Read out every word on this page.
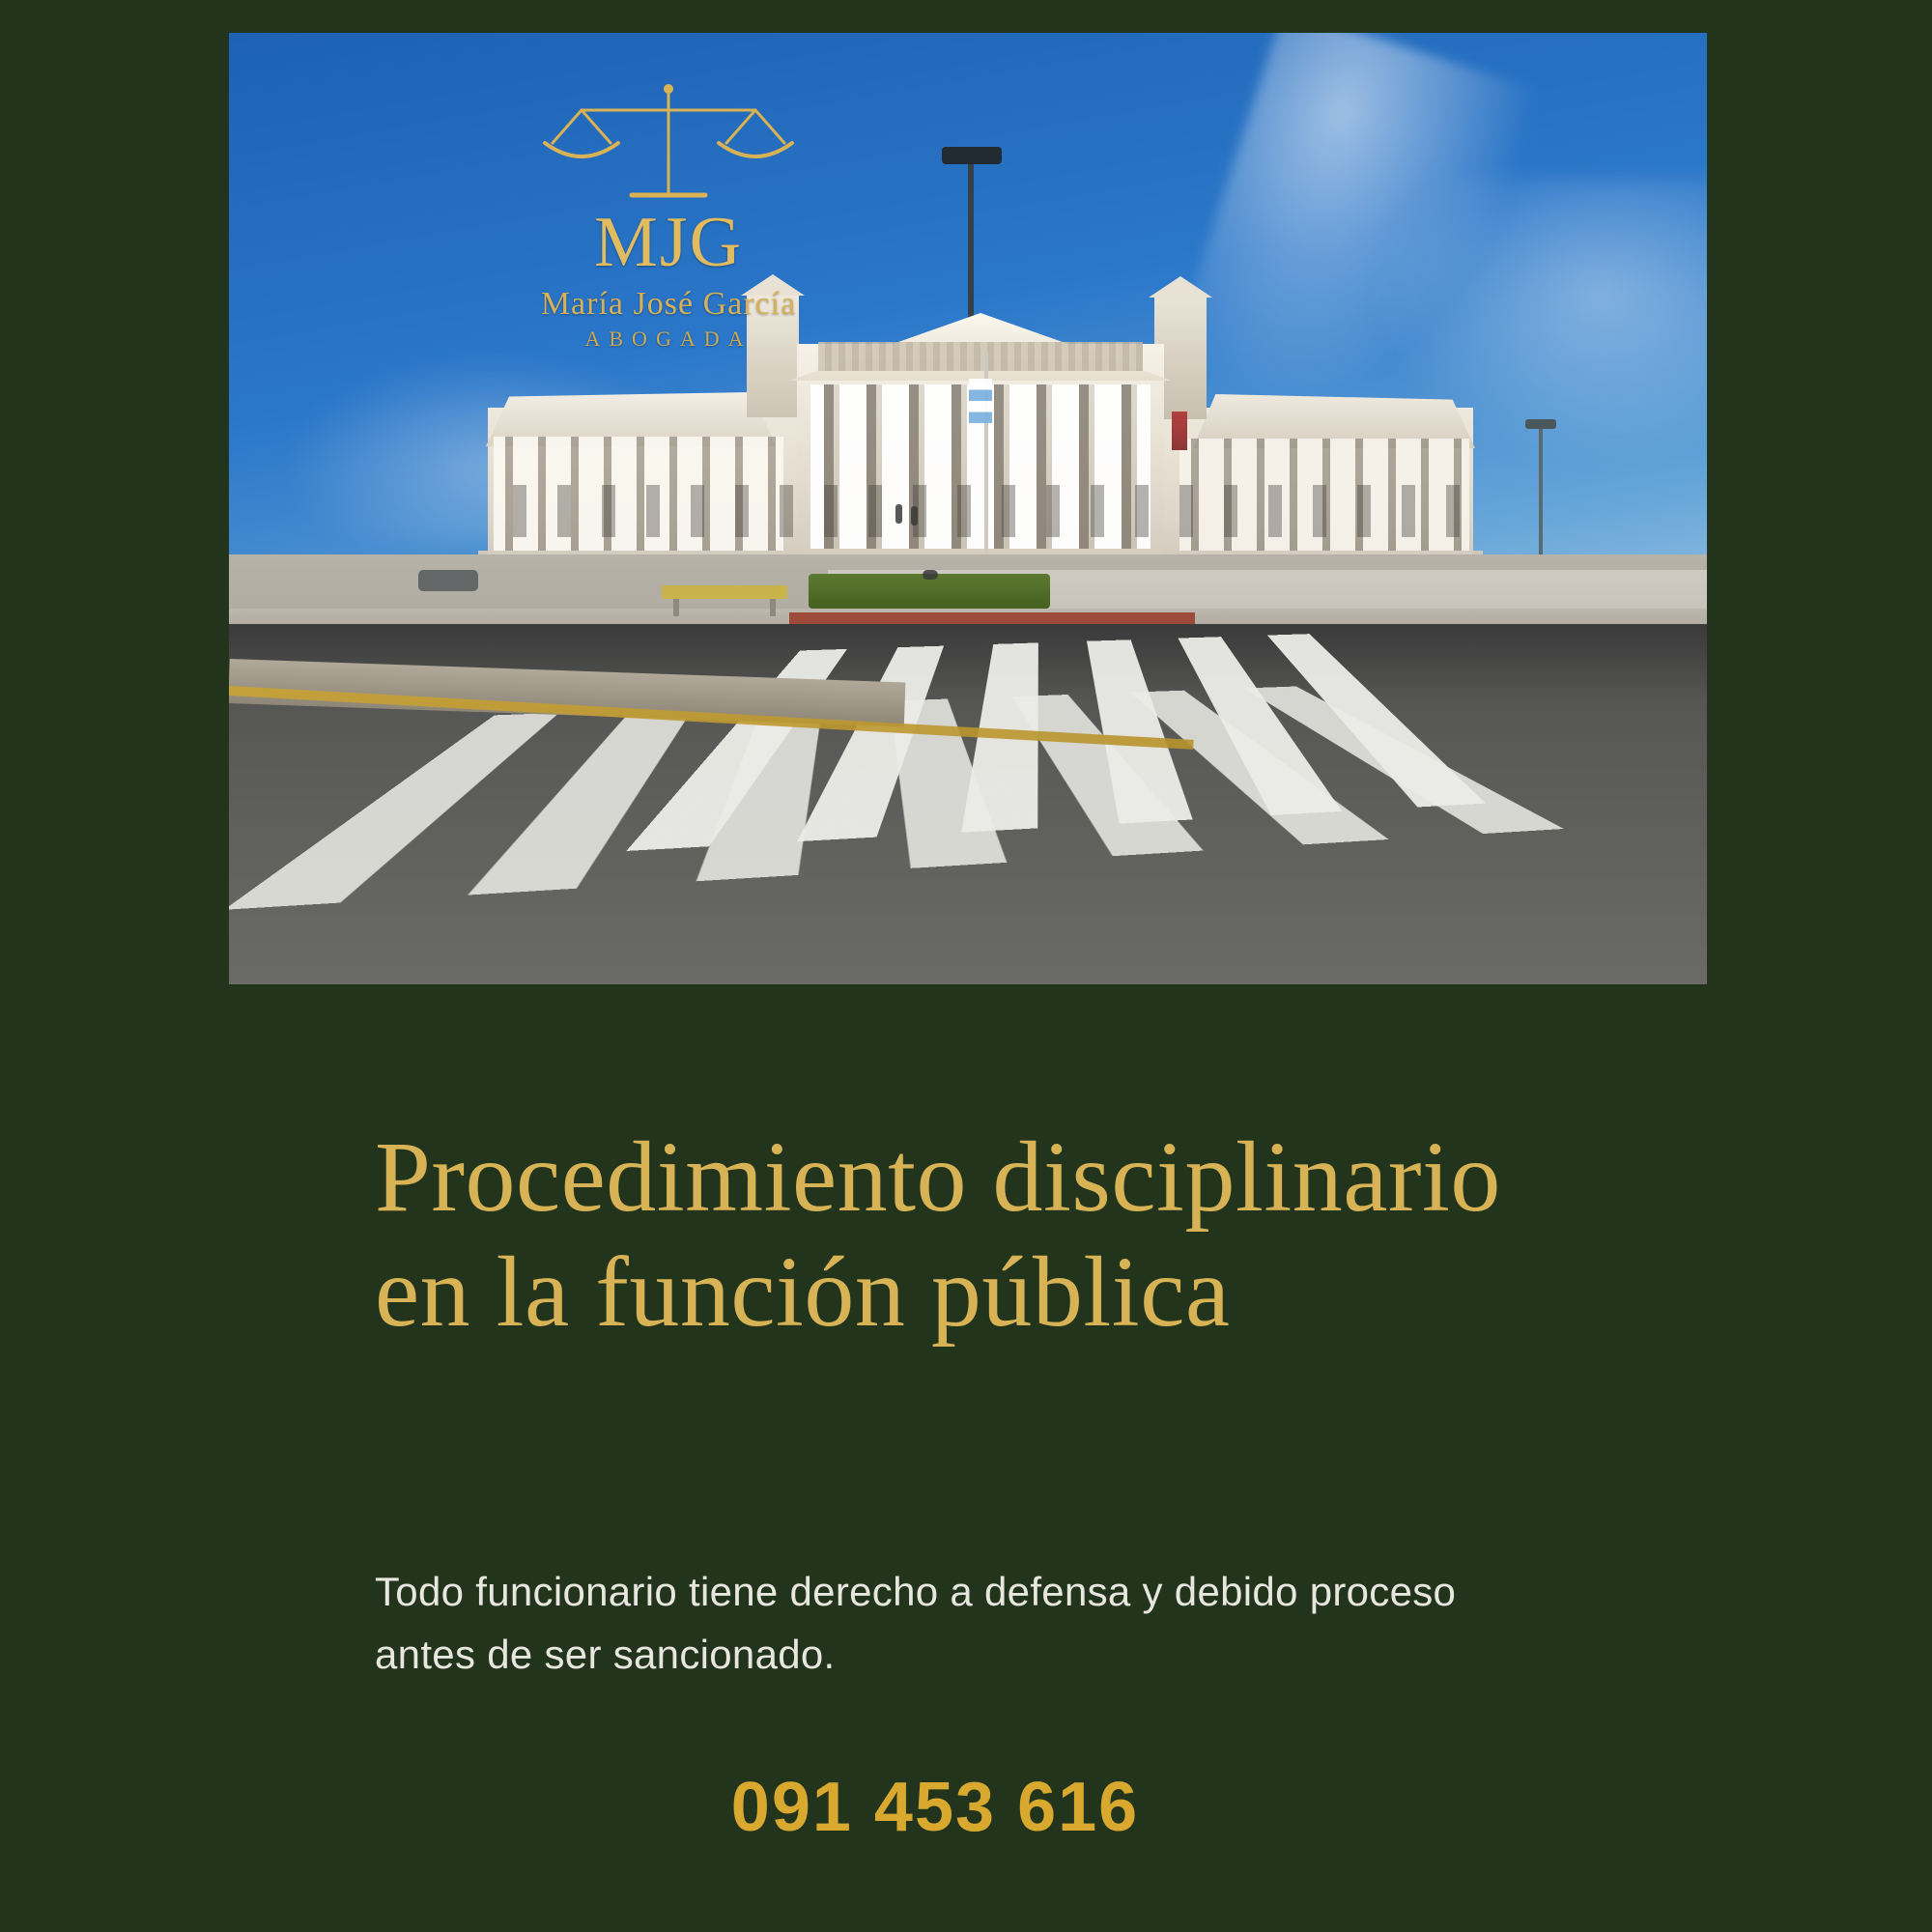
MJG
María José García
ABOGADA
Procedimiento disciplinario en la función pública
Todo funcionario tiene derecho a defensa y debido proceso antes de ser sancionado.
091 453 616
